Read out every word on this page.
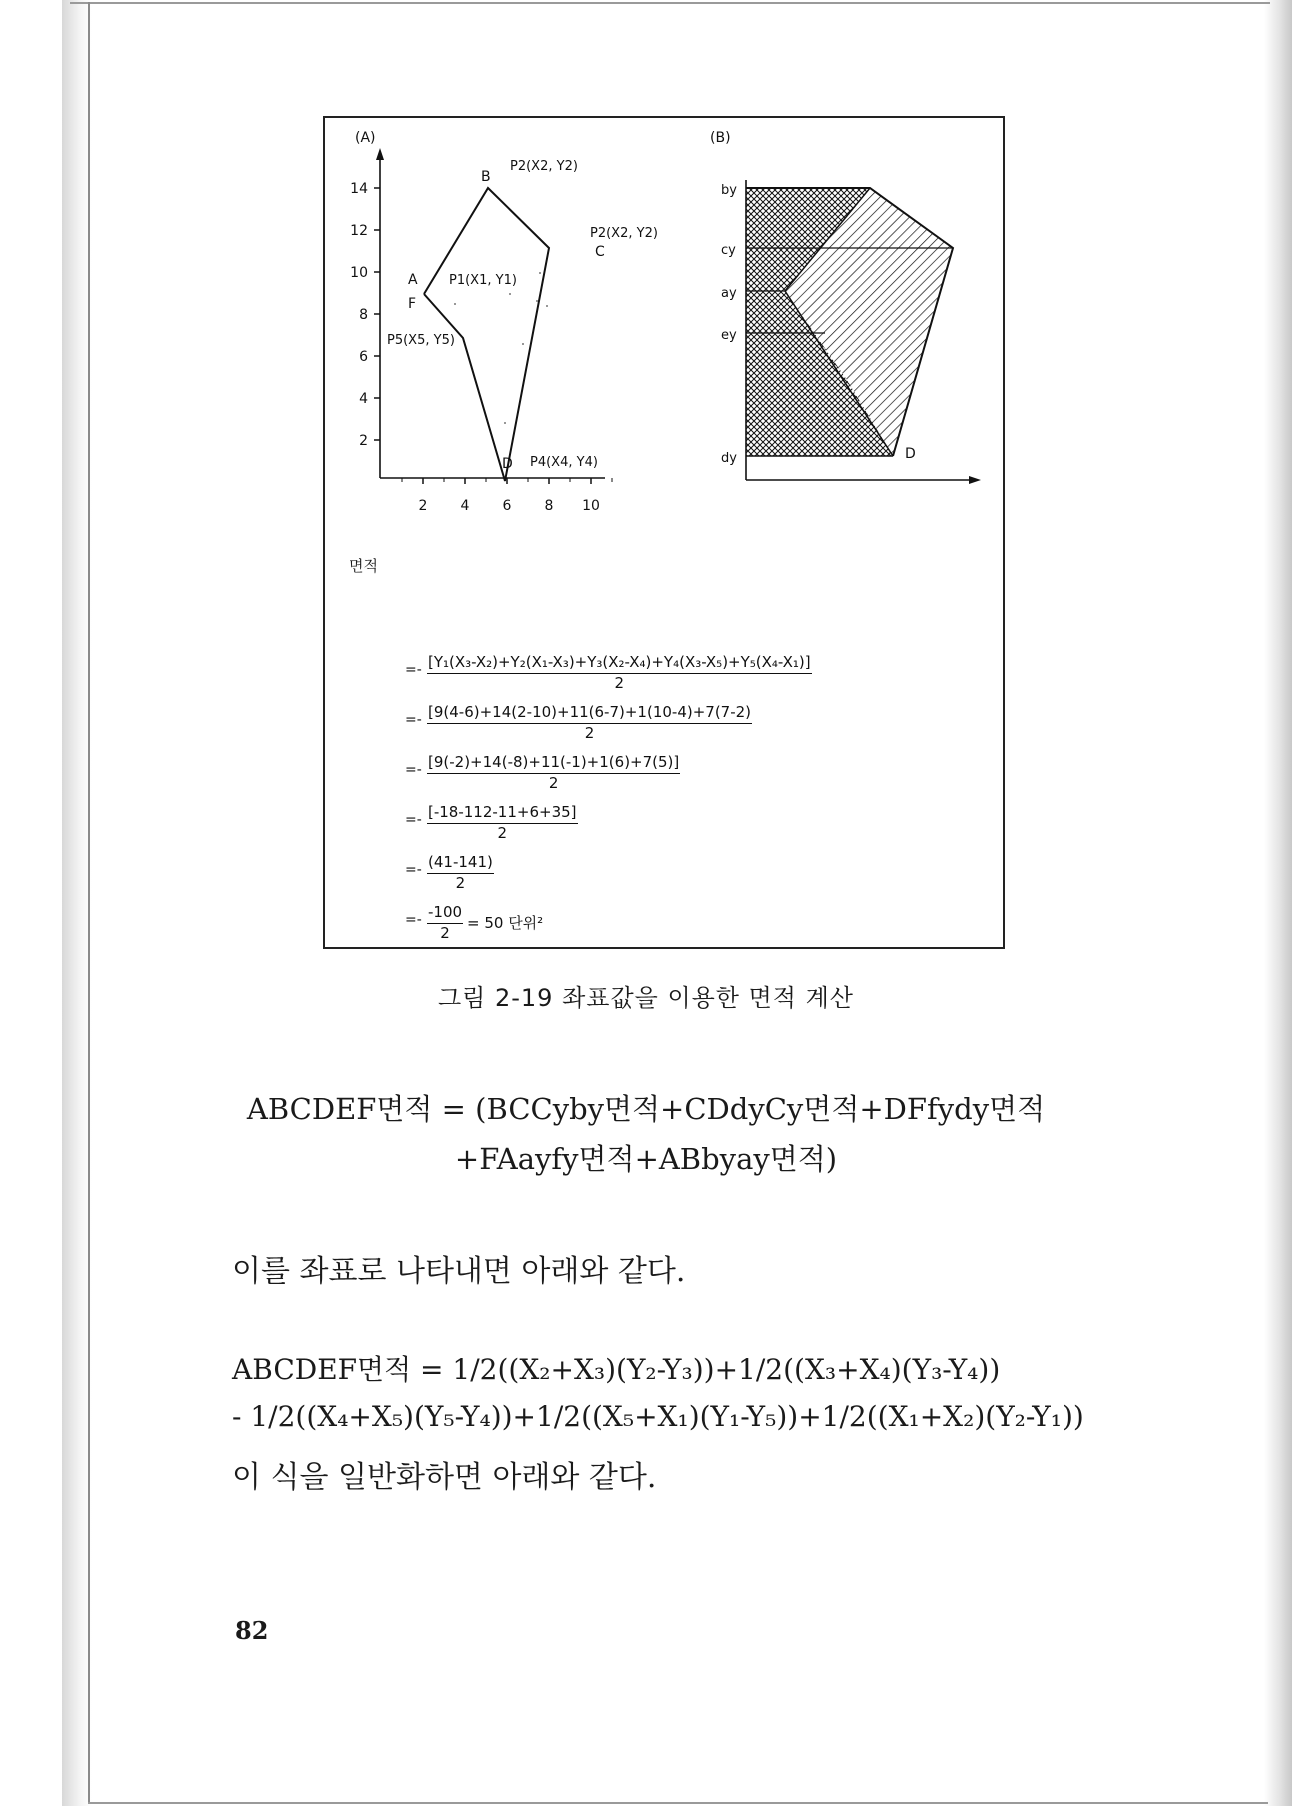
(A)
14
12
10
8
6
4
2
2 4 6 8 10
B
P2(X2, Y2)
P2(X2, Y2)
C
A P1(X1, Y1)
F
P5(X5, Y5)
D P4(X4, Y4)
(B)
by
cy
ay
ey
dy	D
면적
=- $\frac{\text{[Y₁(X₃-X₂)+Y₂(X₁-X₃)+Y₃(X₂-X₄)+Y₄(X₃-X₅)+Y₅(X₄-X₁)]}}{2}$
=- $\frac{[9(4-6)+14(2-10)+11(6-7)+1(10-4)+7(7-2)}{2}$
=- $\frac{[9(-2)+14(-8)+11(-1)+1(6)+7(5)]}{2}$
=- $\frac{[-18-112-11+6+35]}{2}$
=- $\frac{(41-141)}{2}$
=- $\frac{-100}{2} = 50$ 단위²
그림 2-19 좌표값을 이용한 면적 계산
ABCDEF면적 = (BCCyby면적+CDdyCy면적+DFfydy면적
+FAayfy면적+ABbyay면적)
이를 좌표로 나타내면 아래와 같다.
ABCDEF면적 = 1/2((X₂+X₃)(Y₂-Y₃))+1/2((X₃+X₄)(Y₃-Y₄))
- 1/2((X₄+X₅)(Y₅-Y₄))+1/2((X₅+X₁)(Y₁-Y₅))+1/2((X₁+X₂)(Y₂-Y₁))
이 식을 일반화하면 아래와 같다.
82
